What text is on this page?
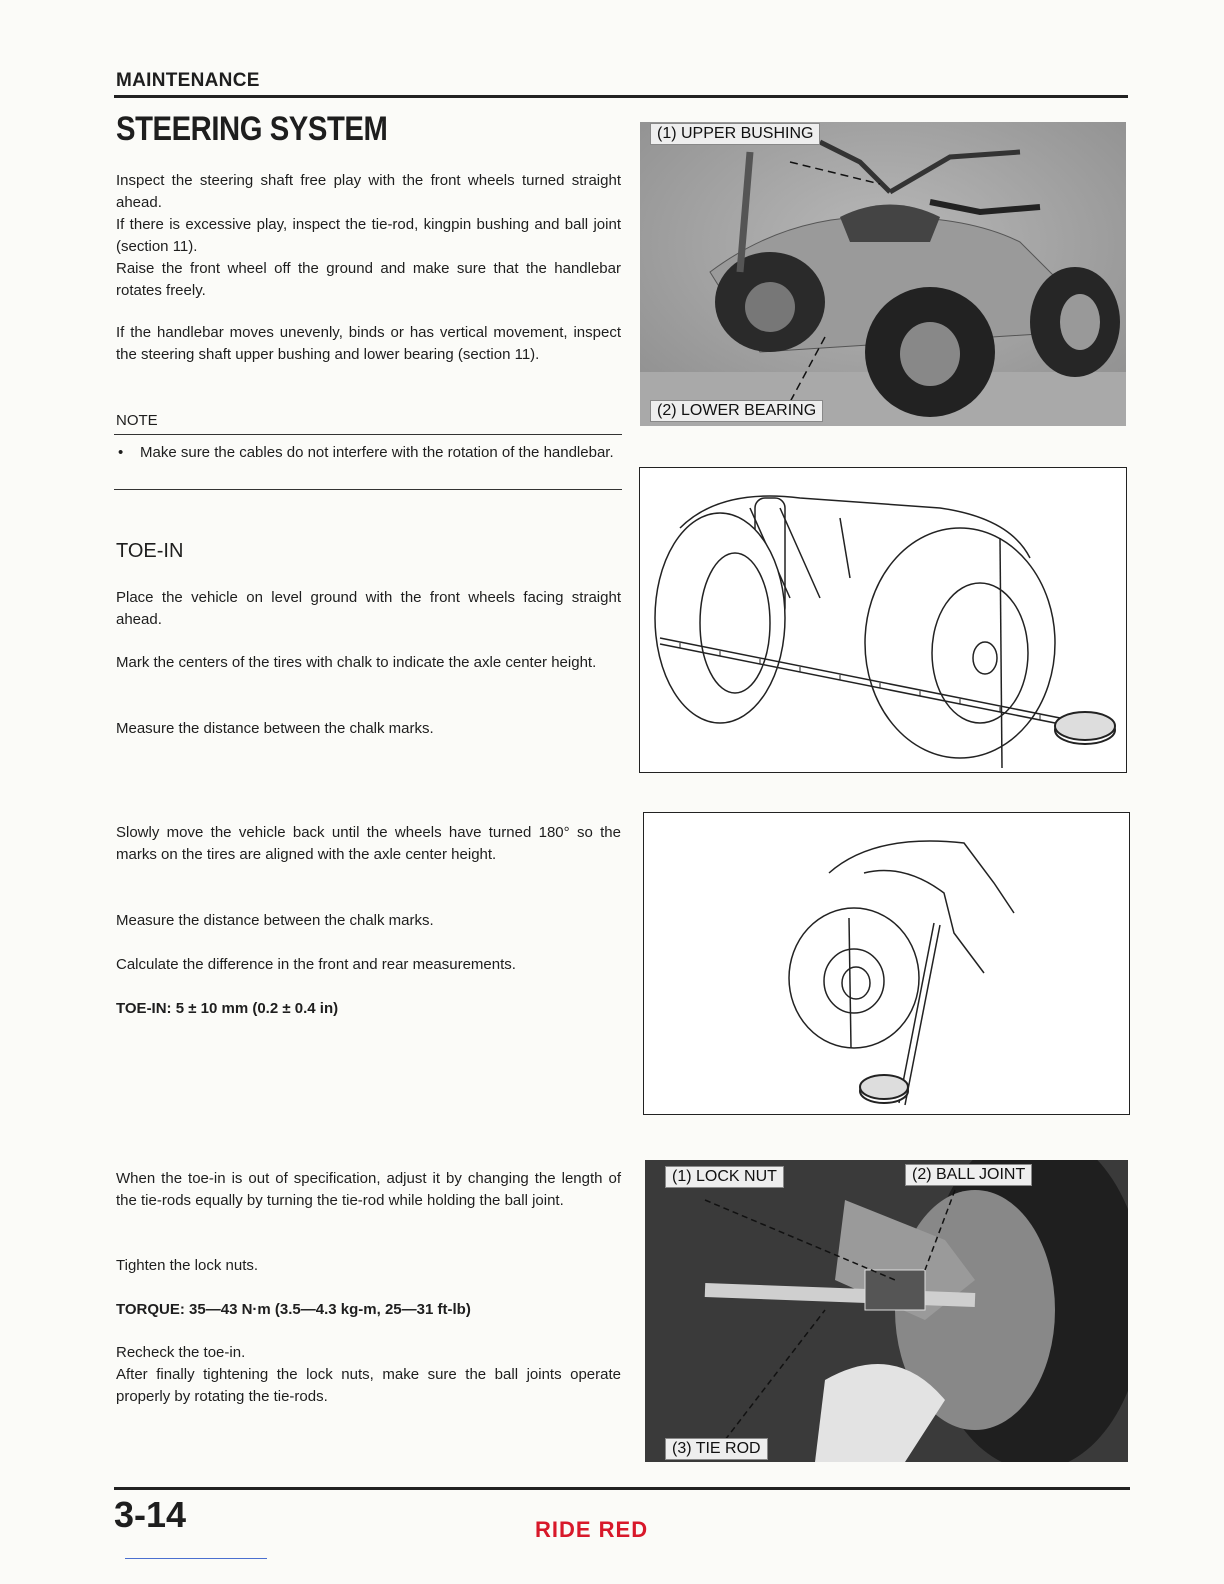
MAINTENANCE
STEERING SYSTEM

Inspect the steering shaft free play with the front wheels turned straight ahead.

If there is excessive play, inspect the tie-rod, kingpin bushing and ball joint (section 11).

Raise the front wheel off the ground and make sure that the handlebar rotates freely.

If the handlebar moves unevenly, binds or has vertical movement, inspect the steering shaft upper bushing and lower bearing (section 11).
NOTE
• Make sure the cables do not interfere with the rotation of the handlebar.
(1) UPPER BUSHING
(2) LOWER BEARING
TOE-IN
Place the vehicle on level ground with the front wheels facing straight ahead.
Mark the centers of the tires with chalk to indicate the axle center height.
Measure the distance between the chalk marks.
Slowly move the vehicle back until the wheels have turned 180° so the marks on the tires are aligned with the axle center height.
Measure the distance between the chalk marks.
Calculate the difference in the front and rear measurements.
TOE-IN: 5 ± 10 mm (0.2 ± 0.4 in)
When the toe-in is out of specification, adjust it by changing the length of the tie-rods equally by turning the tie-rod while holding the ball joint.
Tighten the lock nuts.
TORQUE: 35—43 N·m (3.5—4.3 kg-m, 25—31 ft-lb)

Recheck the toe-in.

After finally tightening the lock nuts, make sure the ball joints operate properly by rotating the tie-rods.

(1) LOCK NUT	(2) BALL JOINT
(3) TIE ROD
3-14	RIDE RED
